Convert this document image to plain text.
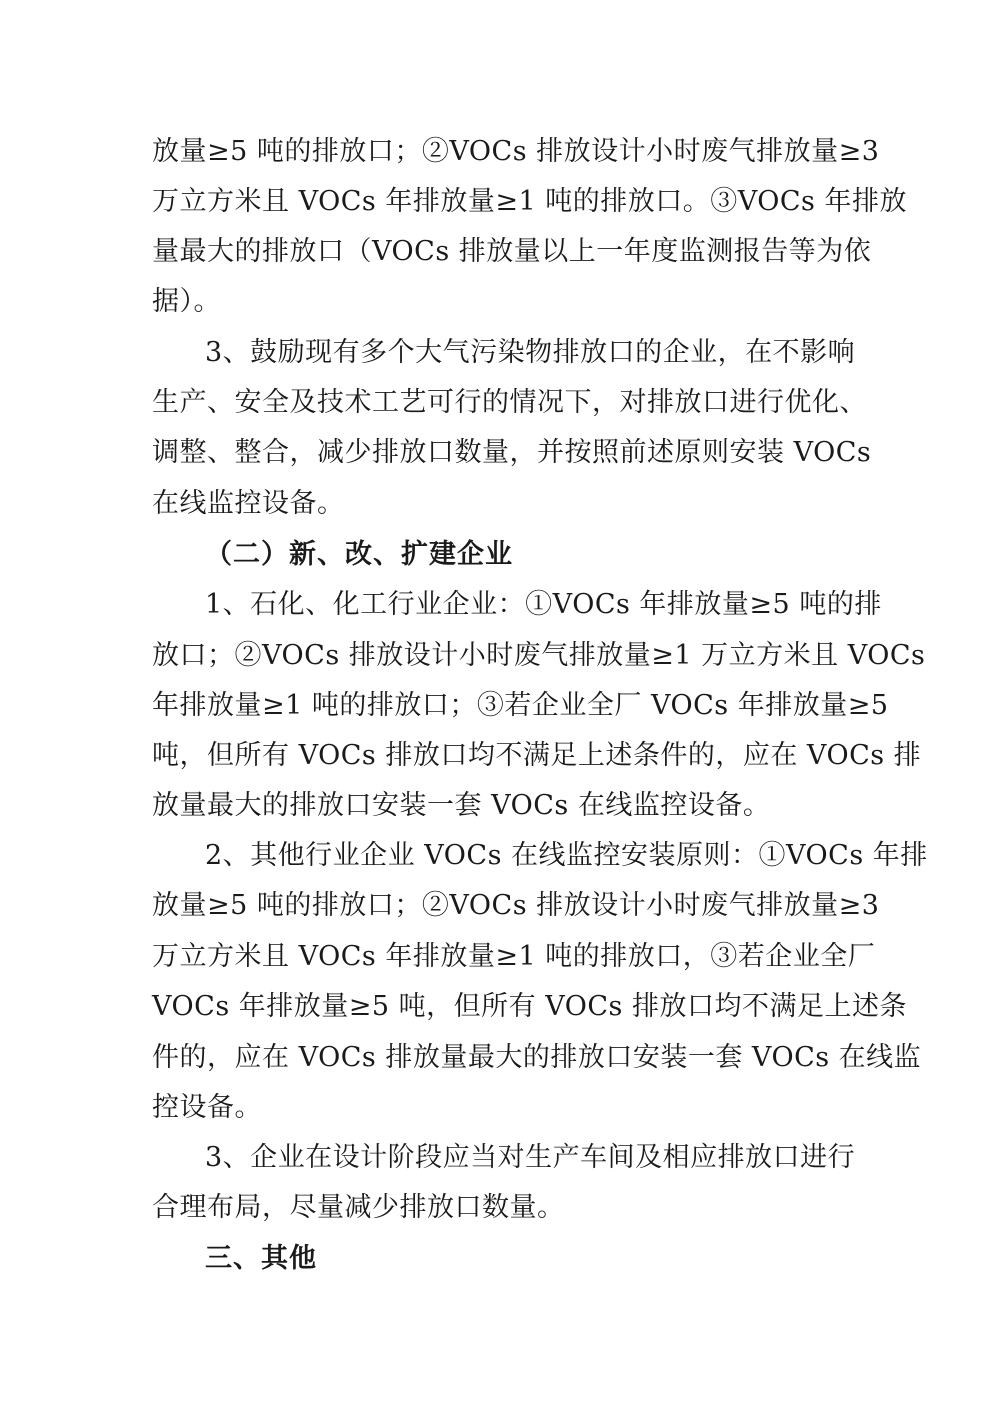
放量≥5 吨的排放口；②VOCs 排放设计小时废气排放量≥3
万立方米且 VOCs 年排放量≥1 吨的排放口。③VOCs 年排放
量最大的排放口（VOCs 排放量以上一年度监测报告等为依
据）。
3、鼓励现有多个大气污染物排放口的企业，在不影响
生产、安全及技术工艺可行的情况下，对排放口进行优化、
调整、整合，减少排放口数量，并按照前述原则安装 VOCs
在线监控设备。
（二）新、改、扩建企业
1、石化、化工行业企业：①VOCs 年排放量≥5 吨的排
放口；②VOCs 排放设计小时废气排放量≥1 万立方米且 VOCs
年排放量≥1 吨的排放口；③若企业全厂 VOCs 年排放量≥5
吨，但所有 VOCs 排放口均不满足上述条件的，应在 VOCs 排
放量最大的排放口安装一套 VOCs 在线监控设备。
2、其他行业企业 VOCs 在线监控安装原则：①VOCs 年排
放量≥5 吨的排放口；②VOCs 排放设计小时废气排放量≥3
万立方米且 VOCs 年排放量≥1 吨的排放口，③若企业全厂
VOCs 年排放量≥5 吨，但所有 VOCs 排放口均不满足上述条
件的，应在 VOCs 排放量最大的排放口安装一套 VOCs 在线监
控设备。
3、企业在设计阶段应当对生产车间及相应排放口进行
合理布局，尽量减少排放口数量。
三、其他
